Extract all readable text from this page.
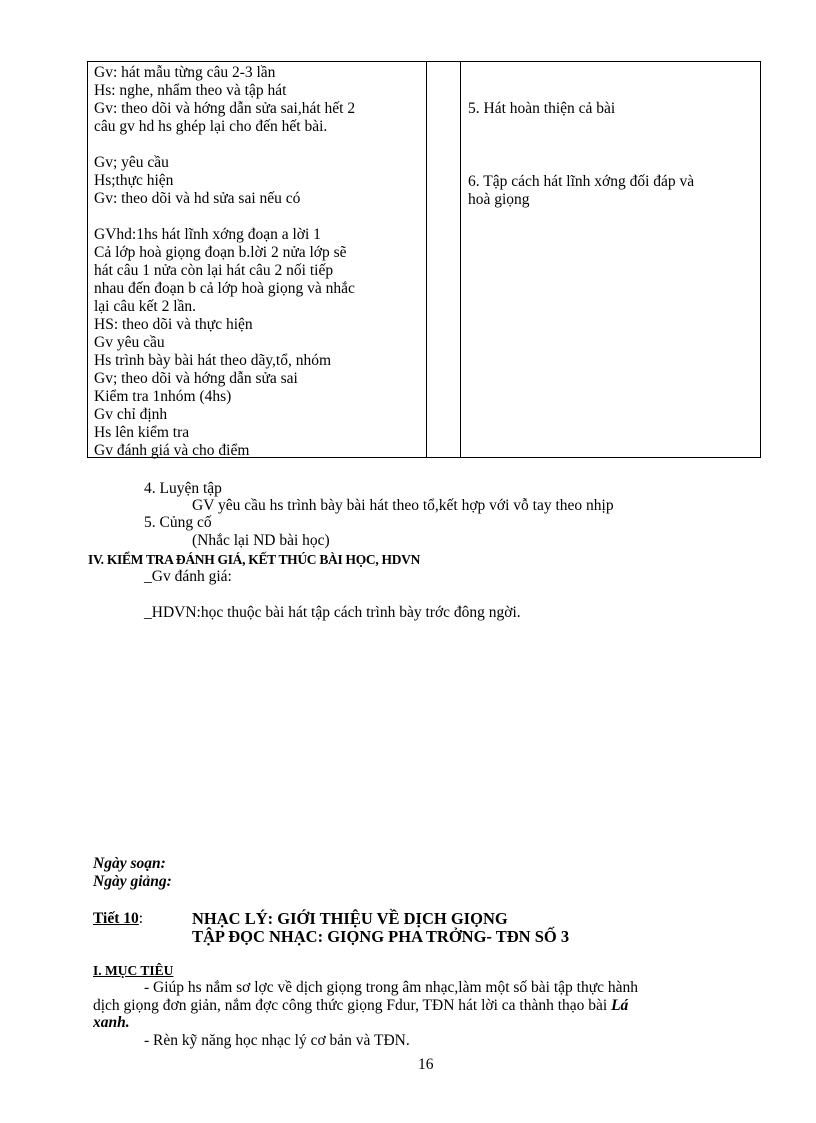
Gv: hát mẫu từng câu 2-3 lần
Hs: nghe, nhẩm theo và tập hát
Gv: theo dõi và hớng dẫn sửa sai,hát hết 2
câu gv hd hs ghép lại cho đến hết bài.
Gv; yêu cầu
Hs;thực hiện
Gv: theo dõi và hd sửa sai nếu có
GVhd:1hs hát lĩnh xớng đoạn a lời 1
Cả lớp hoà giọng đoạn b.lời 2 nửa lớp sẽ
hát câu 1 nửa còn lại hát câu 2 nối tiếp
nhau đến đoạn b cả lớp hoà giọng và nhắc
lại câu kết 2 lần.
HS: theo dõi và thực hiện
Gv yêu cầu
Hs trình bày bài hát theo dãy,tổ, nhóm
Gv; theo dõi và hớng dẫn sửa sai
Kiểm tra 1nhóm (4hs)
Gv chỉ định
Hs lên kiểm tra
Gv đánh giá và cho điểm
5. Hát hoàn thiện cả bài
6. Tập cách hát lĩnh xớng đối đáp và
hoà giọng
4. Luyện tập
GV yêu cầu hs trình bày bài hát theo tổ,kết hợp với vỗ tay theo nhịp
5. Củng cố
(Nhắc lại ND bài học)
IV. KIỂM TRA ĐÁNH GIÁ, KẾT THÚC BÀI HỌC, HDVN
_Gv đánh giá:
_HDVN:học thuộc bài hát tập cách trình bày trớc đông ngời.
Ngày soạn:
Ngày giảng:
Tiết 10:	NHẠC LÝ: GIỚI THIỆU VỀ DỊCH GIỌNG
TẬP ĐỌC NHẠC: GIỌNG PHA TRỞNG- TĐN SỐ 3
I. MỤC TIÊU
- Giúp hs nắm sơ lợc về dịch giọng trong âm nhạc,làm một số bài tập thực hành
dịch giọng đơn giản, nắm đợc công thức giọng Fdur, TĐN hát lời ca thành thạo bài Lá
xanh.
- Rèn kỹ năng học nhạc lý cơ bản và TĐN.
16
